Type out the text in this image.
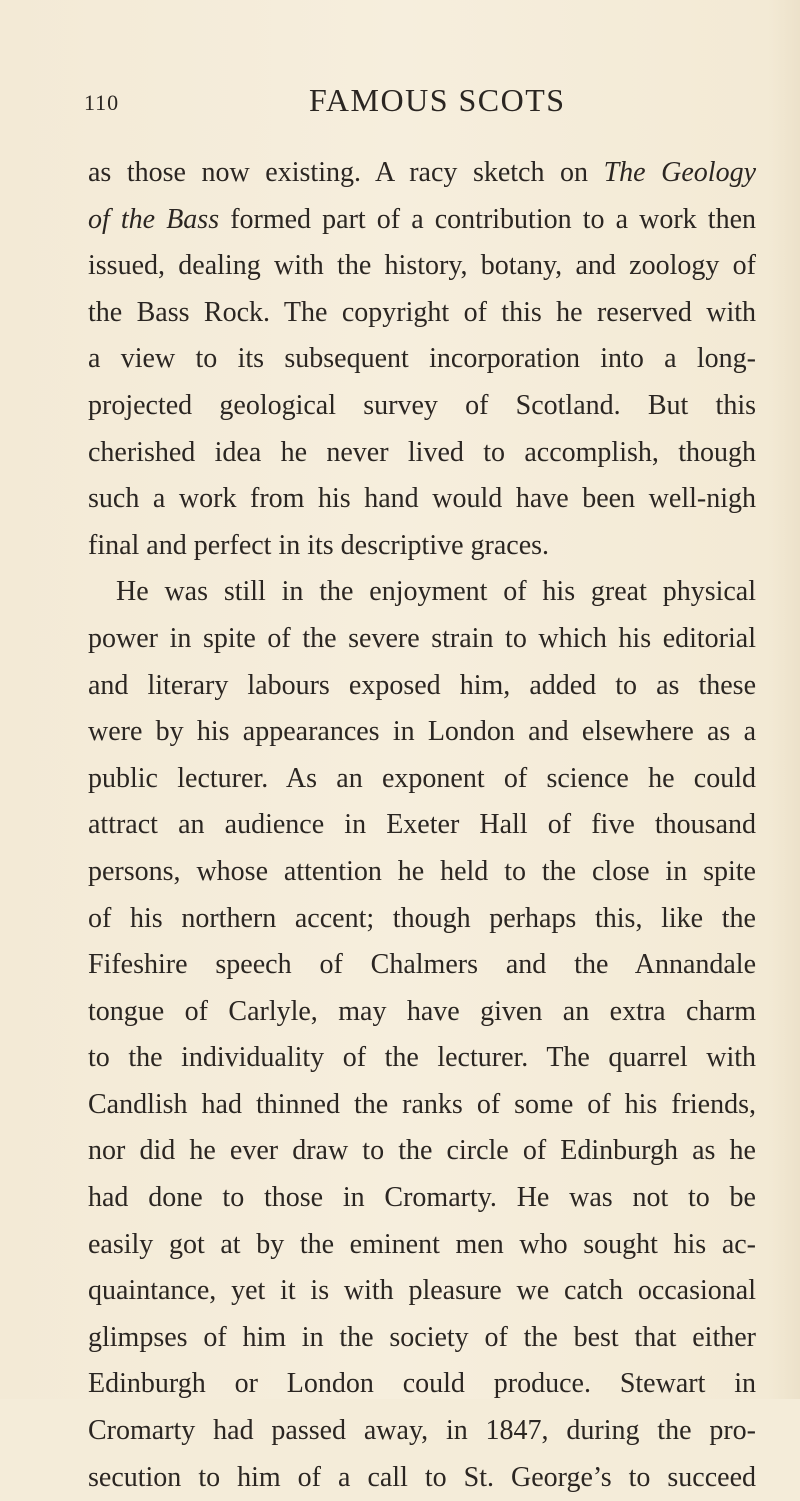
110	FAMOUS SCOTS
as those now existing. A racy sketch on The Geology
of the Bass formed part of a contribution to a work then
issued, dealing with the history, botany, and zoology of
the Bass Rock. The copyright of this he reserved with
a view to its subsequent incorporation into a long-
projected geological survey of Scotland. But this
cherished idea he never lived to accomplish, though
such a work from his hand would have been well-nigh
final and perfect in its descriptive graces.
He was still in the enjoyment of his great physical
power in spite of the severe strain to which his editorial
and literary labours exposed him, added to as these
were by his appearances in London and elsewhere as a
public lecturer. As an exponent of science he could
attract an audience in Exeter Hall of five thousand
persons, whose attention he held to the close in spite
of his northern accent; though perhaps this, like the
Fifeshire speech of Chalmers and the Annandale
tongue of Carlyle, may have given an extra charm
to the individuality of the lecturer. The quarrel with
Candlish had thinned the ranks of some of his friends,
nor did he ever draw to the circle of Edinburgh as he
had done to those in Cromarty. He was not to be
easily got at by the eminent men who sought his ac-
quaintance, yet it is with pleasure we catch occasional
glimpses of him in the society of the best that either
Edinburgh or London could produce. Stewart in
Cromarty had passed away, in 1847, during the pro-
secution to him of a call to St. George’s to succeed
